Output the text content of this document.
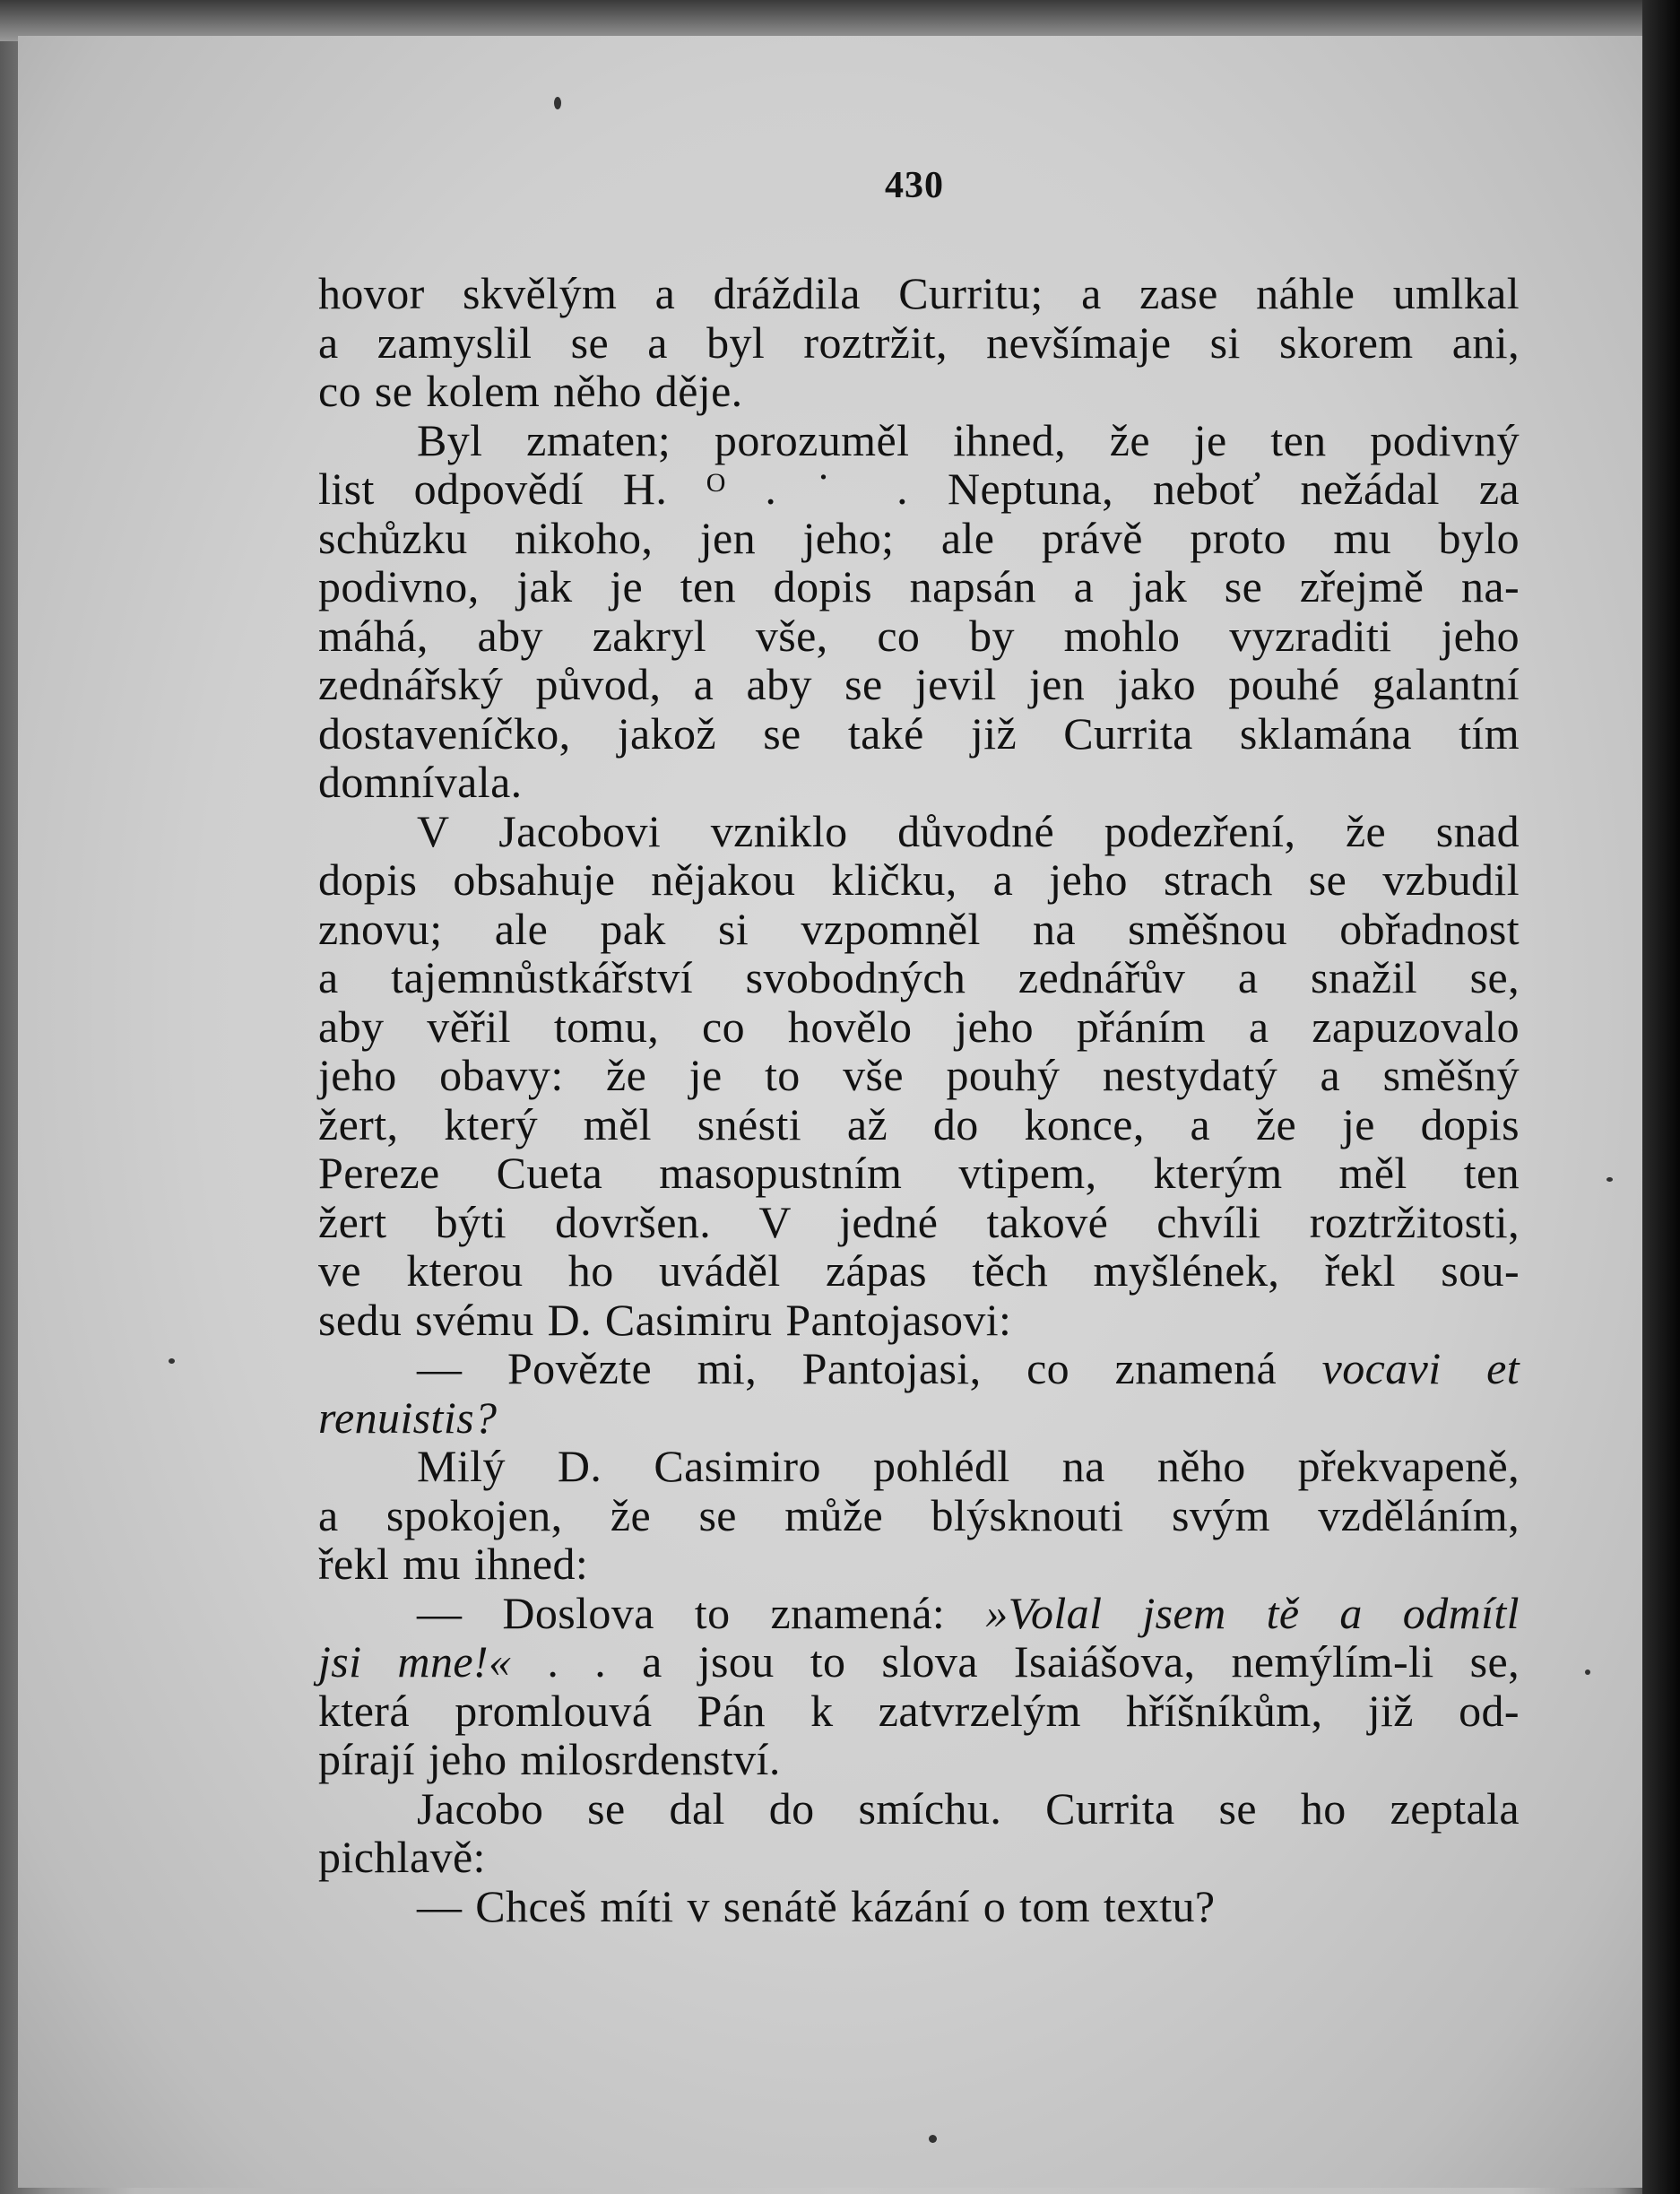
430
hovor skvělým a dráždila Curritu; a zase náhle umlkal
a zamyslil se a byl roztržit, nevšímaje si skorem ani,
co se kolem něho děje.
Byl zmaten; porozuměl ihned, že je ten podivný
list odpovědí H. ᴼ . ˙ . Neptuna, neboť nežádal za
schůzku nikoho, jen jeho; ale právě proto mu bylo
podivno, jak je ten dopis napsán a jak se zřejmě na-
máhá, aby zakryl vše, co by mohlo vyzraditi jeho
zednářský původ, a aby se jevil jen jako pouhé galantní
dostaveníčko, jakož se také již Currita sklamána tím
domnívala.
V Jacobovi vzniklo důvodné podezření, že snad
dopis obsahuje nějakou kličku, a jeho strach se vzbudil
znovu; ale pak si vzpomněl na směšnou obřadnost
a tajemnůstkářství svobodných zednářův a snažil se,
aby věřil tomu, co hovělo jeho přáním a zapuzovalo
jeho obavy: že je to vše pouhý nestydatý a směšný
žert, který měl snésti až do konce, a že je dopis
Pereze Cueta masopustním vtipem, kterým měl ten
žert býti dovršen. V jedné takové chvíli roztržitosti,
ve kterou ho uváděl zápas těch myšlének, řekl sou-
sedu svému D. Casimiru Pantojasovi:
— Povězte mi, Pantojasi, co znamená vocavi et
renuistis?
Milý D. Casimiro pohlédl na něho překvapeně,
a spokojen, že se může blýsknouti svým vzděláním,
řekl mu ihned:
— Doslova to znamená: »Volal jsem tě a odmítl
jsi mne!« . . a jsou to slova Isaiášova, nemýlím-li se,
která promlouvá Pán k zatvrzelým hříšníkům, již od-
pírají jeho milosrdenství.
Jacobo se dal do smíchu. Currita se ho zeptala
pichlavě:
— Chceš míti v senátě kázání o tom textu?
